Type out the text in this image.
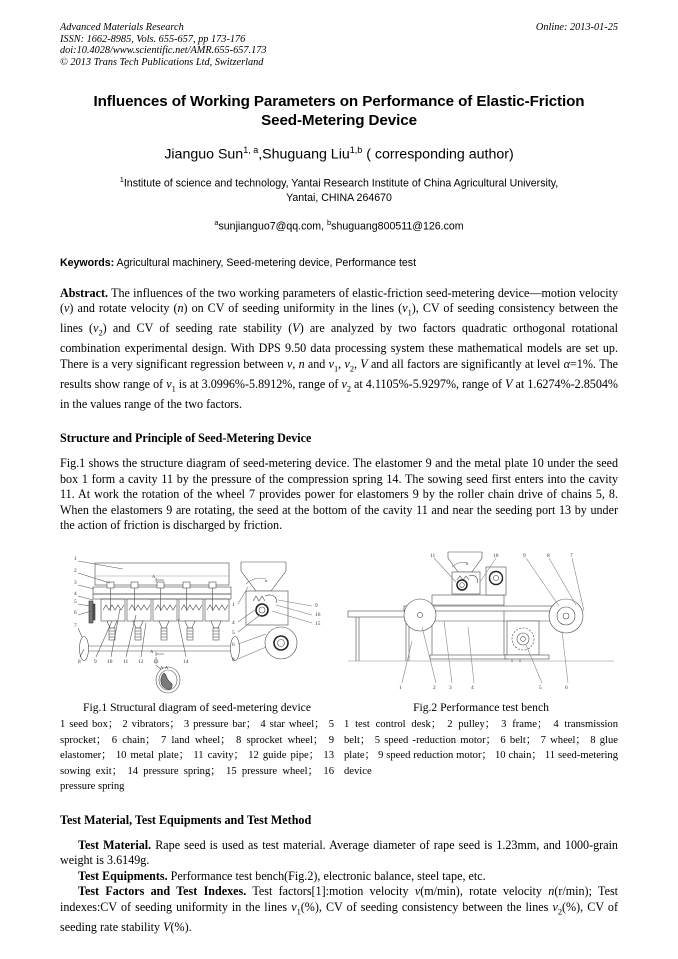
Advanced Materials Research	Online: 2013-01-25
ISSN: 1662-8985, Vols. 655-657, pp 173-176
doi:10.4028/www.scientific.net/AMR.655-657.173
© 2013 Trans Tech Publications Ltd, Switzerland
Influences of Working Parameters on Performance of Elastic-Friction
Seed-Metering Device
Jianguo Sun$^{1, a}$,Shuguang Liu$^{1,b}$ ( corresponding author)
$^1$Institute of science and technology, Yantai Research Institute of China Agricultural University,
Yantai, CHINA 264670
$^a$sunjianguo7@qq.com, $^b$shuguang800511@126.com
Keywords: Agricultural machinery, Seed-metering device, Performance test
Abstract. The influences of the two working parameters of elastic-friction seed-metering device—motion velocity (v) and rotate velocity (n) on CV of seeding uniformity in the lines $(v_1)$, CV of seeding consistency between the lines $(v_2)$ and CV of seeding rate stability (V) are analyzed by two factors quadratic orthogonal rotational combination experimental design. With DPS 9.50 data processing system these mathematical models are set up. There is a very significant regression between v, n and $v_1$, $v_2$, V and all factors are significantly at level α=1%. The results show range of $v_1$ is at 3.0996%-5.8912%, range of $v_2$ at 4.1105%-5.9297%, range of V at 1.6274%-2.8504% in the values range of the two factors.
Structure and Principle of Seed-Metering Device
Fig.1 shows the structure diagram of seed-metering device. The elastomer 9 and the metal plate 10 under the seed box 1 form a cavity 11 by the pressure of the compression spring 14. The sowing seed first enters into the cavity 11. At work the rotation of the wheel 7 provides power for elastomers 9 by the roller chain drive of chains 5, 8. When the elastomers 9 are rotating, the seed at the bottom of the cavity 11 and near the seeding port 13 by under the action of friction is discharged by friction.
1
2
3
4
5
6
7
8 9 10 11 12 13	14
A-A
A
A
n
1
4
5
6
8
9
16
15
Fig.1 Structural diagram of seed-metering device
1 seed box； 2 vibrators； 3 pressure bar； 4 star wheel； 5 sprocket； 6 chain； 7 land wheel； 8 sprocket wheel； 9 elastomer； 10 metal plate； 11 cavity； 12 guide pipe； 13 sowing exit； 14 pressure spring； 15 pressure wheel； 16 pressure spring
n
11	10	9	8	7
1	2 3	4	5	6
Fig.2 Performance test bench
1 test control desk； 2 pulley； 3 frame； 4 transmission belt； 5 speed -reduction motor； 6 belt； 7 wheel； 8 glue plate； 9 speed reduction motor； 10 chain； 11 seed-metering device
Test Material, Test Equipments and Test Method
Test Material. Rape seed is used as test material. Average diameter of rape seed is 1.23mm, and 1000-grain weight is 3.6149g.
Test Equipments. Performance test bench(Fig.2), electronic balance, steel tape, etc.
Test Factors and Test Indexes. Test factors[1]:motion velocity v(m/min), rotate velocity n(r/min); Test indexes:CV of seeding uniformity in the lines $v_1(\%)$, CV of seeding consistency between the lines $v_2(\%)$, CV of seeding rate stability V(%).
